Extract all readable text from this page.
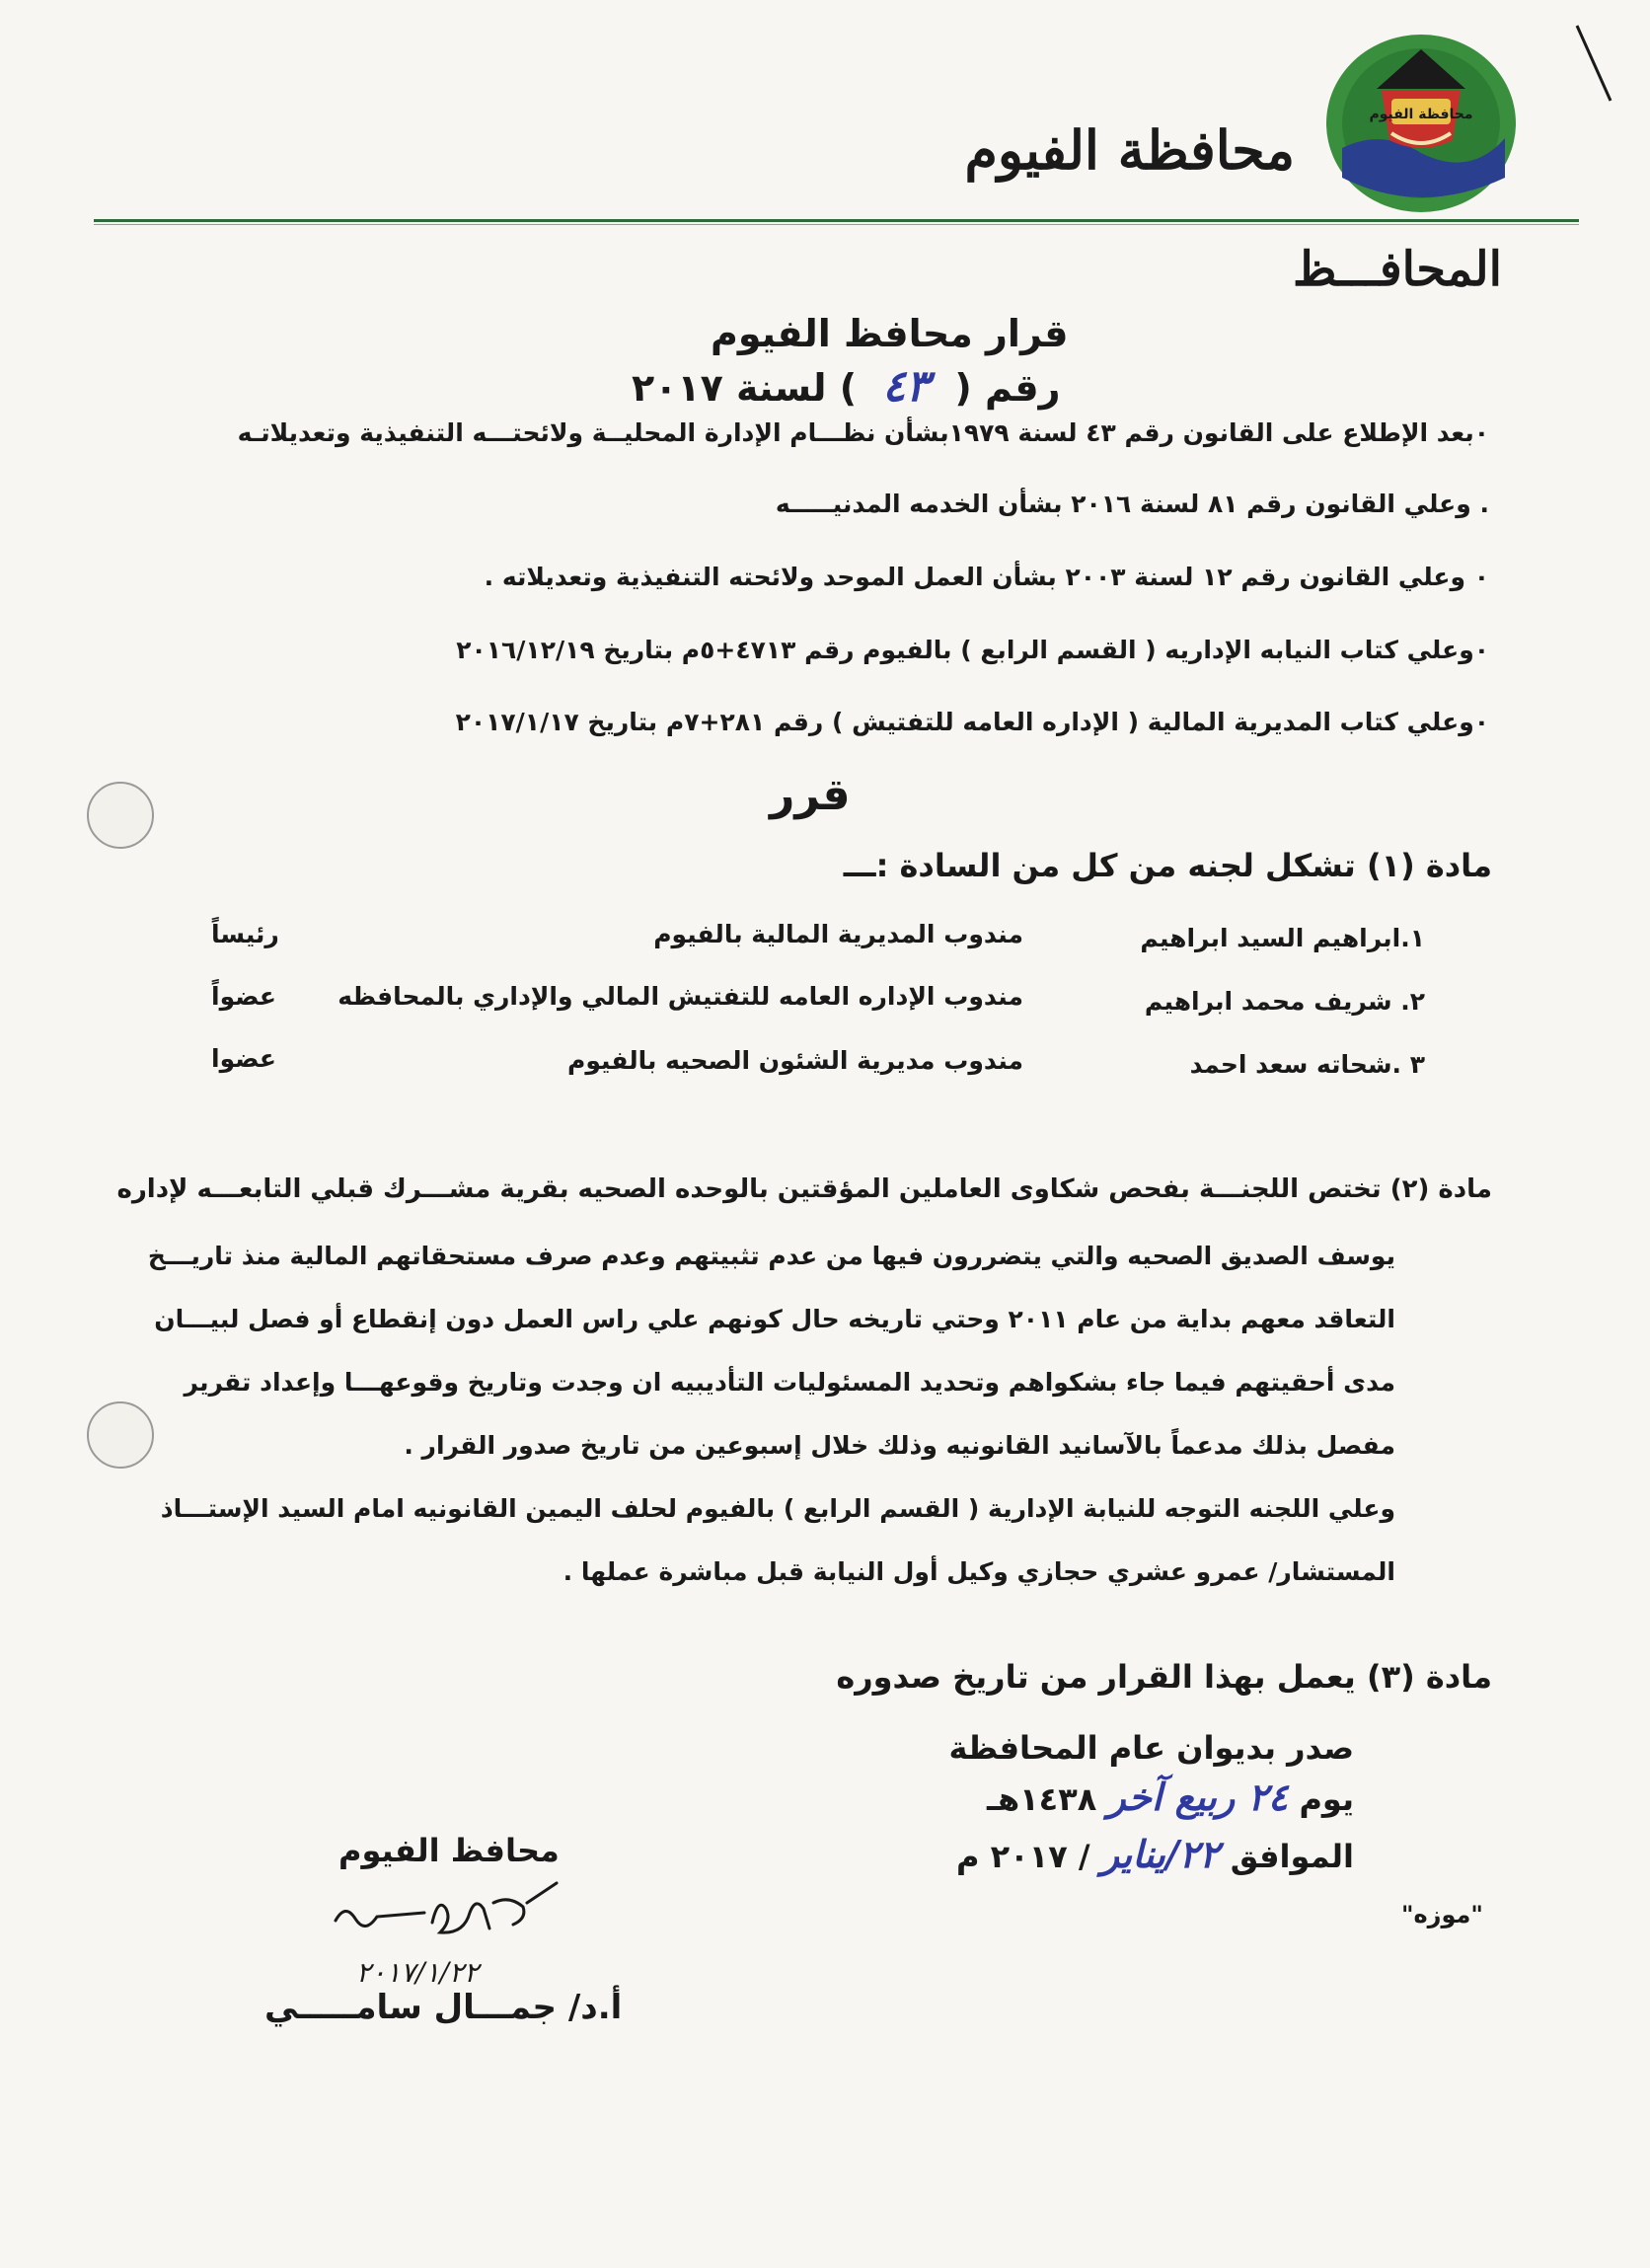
محافظة الفيوم
محافظة الفيوم
المحافـــظ
قرار محافظ الفيوم
رقم (٤٣) لسنة ٢٠١٧
٠بعد الإطلاع على القانون رقم ٤٣ لسنة ١٩٧٩بشأن نظـــام الإدارة المحليــة ولائحتـــه التنفيذية وتعديلاتـه
. وعلي القانون رقم ٨١ لسنة ٢٠١٦ بشأن الخدمه المدنيـــــه
٠ وعلي القانون رقم ١٢ لسنة ٢٠٠٣ بشأن العمل الموحد ولائحته التنفيذية وتعديلاته .
٠وعلي كتاب النيابه الإداريه ( القسم الرابع ) بالفيوم رقم ٤٧١٣+٥م بتاريخ ٢٠١٦/١٢/١٩
٠وعلي كتاب المديرية المالية ( الإداره العامه للتفتيش ) رقم ٢٨١+٧م بتاريخ ٢٠١٧/١/١٧
قرر
مادة (١) تشكل لجنه من كل من السادة :ـــ
١.ابراهيم السيد ابراهيم
مندوب المديرية المالية بالفيوم
رئيساً
٢. شريف محمد ابراهيم
مندوب الإداره العامه للتفتيش المالي والإداري بالمحافظه
عضواً
٣ .شحاته سعد احمد
مندوب مديرية الشئون الصحيه بالفيوم
عضوا
مادة (٢) تختص اللجنـــة بفحص شكاوى العاملين المؤقتين بالوحده الصحيه بقرية مشـــرك قبلي التابعـــه لإداره
يوسف الصديق الصحيه والتي يتضررون فيها من عدم تثبيتهم وعدم صرف مستحقاتهم المالية منذ تاريـــخ
التعاقد معهم بداية من عام ٢٠١١ وحتي تاريخه حال كونهم علي راس العمل دون إنقطاع أو فصل لبيـــان
مدى أحقيتهم فيما جاء بشكواهم وتحديد المسئوليات التأديبيه ان وجدت وتاريخ وقوعهـــا وإعداد تقرير
مفصل بذلك مدعماً بالآسانيد القانونيه وذلك خلال إسبوعين من تاريخ صدور القرار .
وعلي اللجنه التوجه للنيابة الإدارية ( القسم الرابع ) بالفيوم لحلف اليمين القانونيه امام السيد الإستـــاذ
المستشار/ عمرو عشري حجازي وكيل أول النيابة قبل مباشرة عملها .
مادة (٣) يعمل بهذا القرار من تاريخ صدوره
صدر بديوان عام المحافظة
يوم ٢٤ ربيع آخر ١٤٣٨هـ
الموافق ٢٢/يناير / ٢٠١٧ م
"موزه"
محافظ الفيوم
٢٠١٧/١/٢٢
أ.د/ جمـــال سامـــــي
